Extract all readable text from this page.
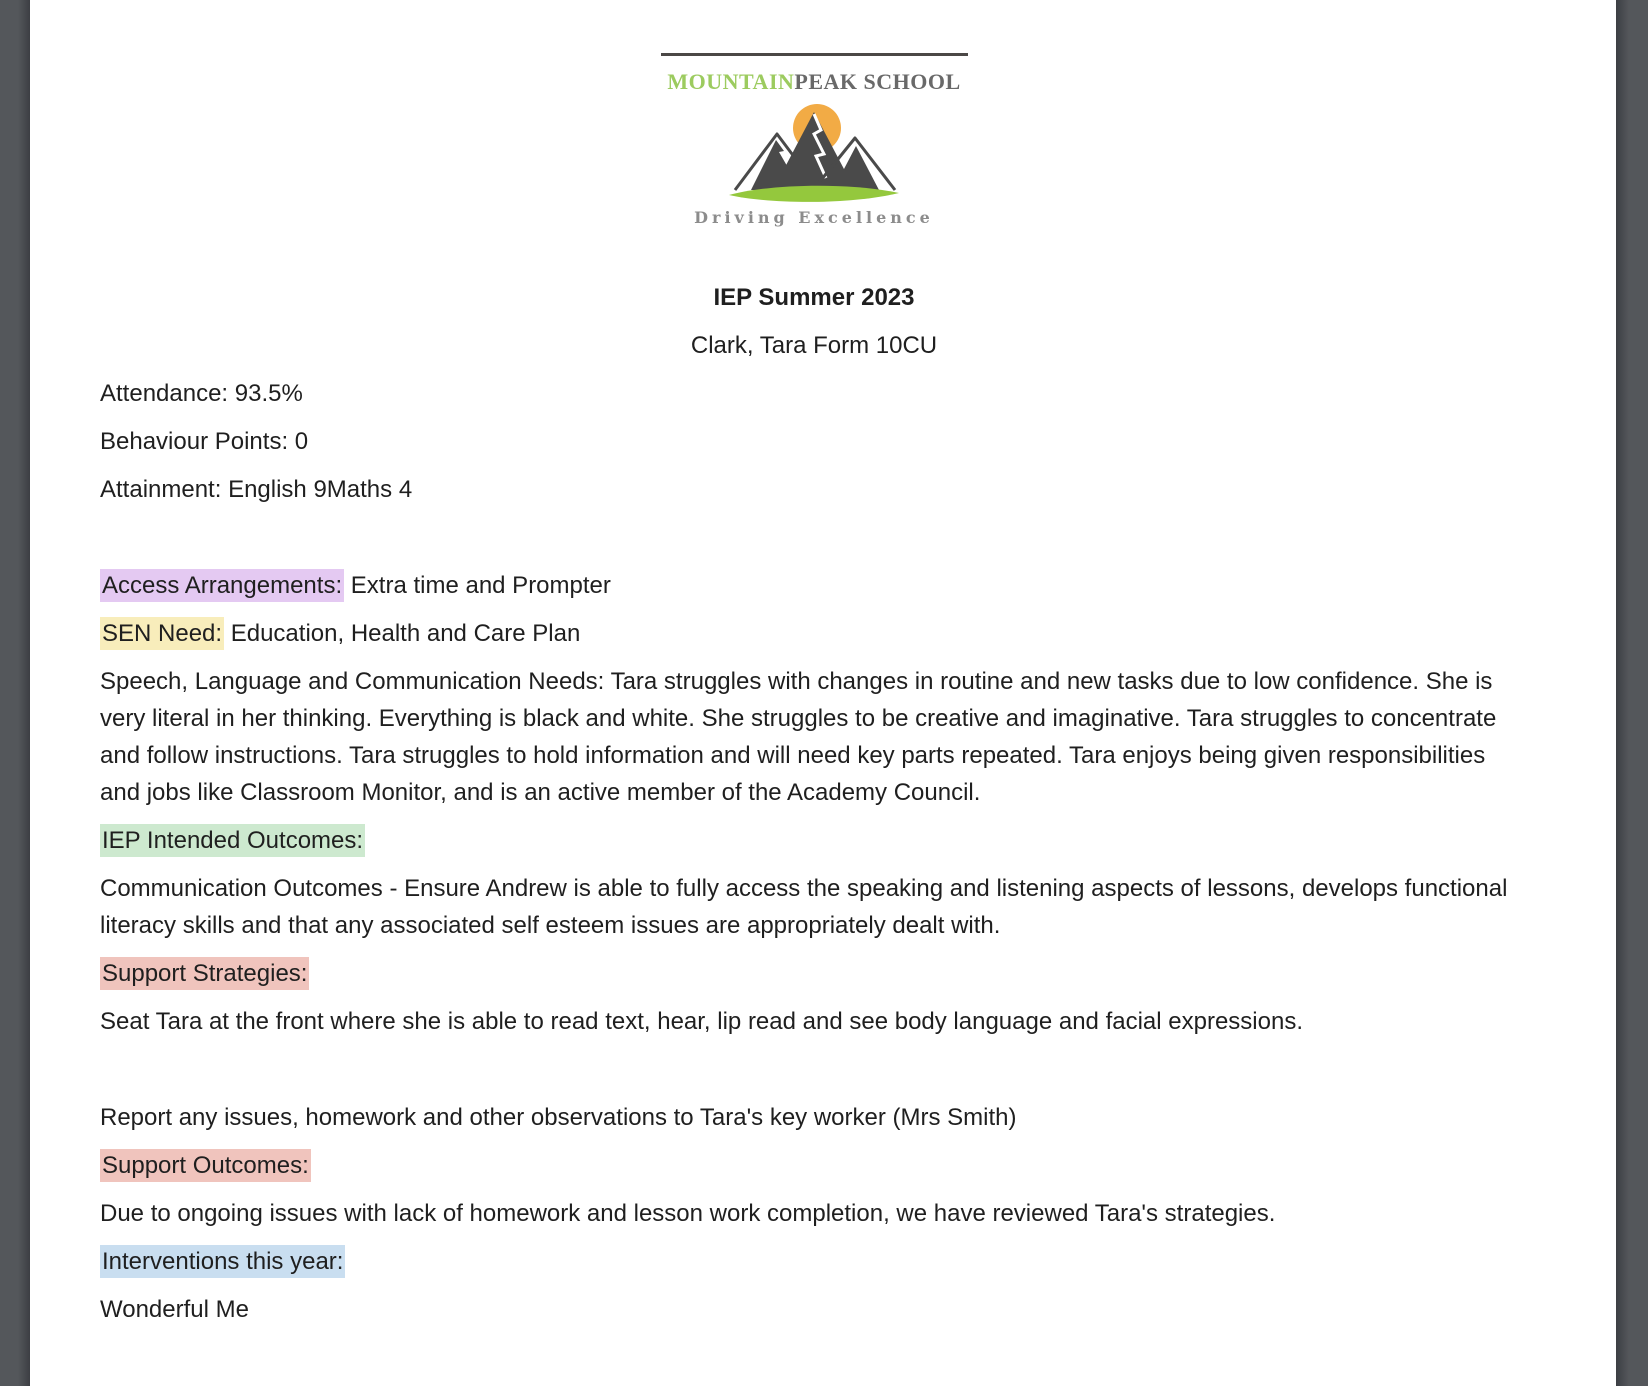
MOUNTAINPEAK SCHOOL
Driving Excellence

IEP Summer 2023

Clark, Tara Form 10CU

Attendance: 93.5%

Behaviour Points: 0

Attainment: English 9Maths 4

Access Arrangements: Extra time and Prompter

SEN Need: Education, Health and Care Plan

Speech, Language and Communication Needs: Tara struggles with changes in routine and new tasks due to low confidence. She is very literal in her thinking. Everything is black and white. She struggles to be creative and imaginative. Tara struggles to concentrate and follow instructions. Tara struggles to hold information and will need key parts repeated. Tara enjoys being given responsibilities and jobs like Classroom Monitor, and is an active member of the Academy Council.

IEP Intended Outcomes:

Communication Outcomes - Ensure Andrew is able to fully access the speaking and listening aspects of lessons, develops functional literacy skills and that any associated self esteem issues are appropriately dealt with.

Support Strategies:

Seat Tara at the front where she is able to read text, hear, lip read and see body language and facial expressions.

Report any issues, homework and other observations to Tara's key worker (Mrs Smith)

Support Outcomes:

Due to ongoing issues with lack of homework and lesson work completion, we have reviewed Tara's strategies.

Interventions this year:

Wonderful Me
